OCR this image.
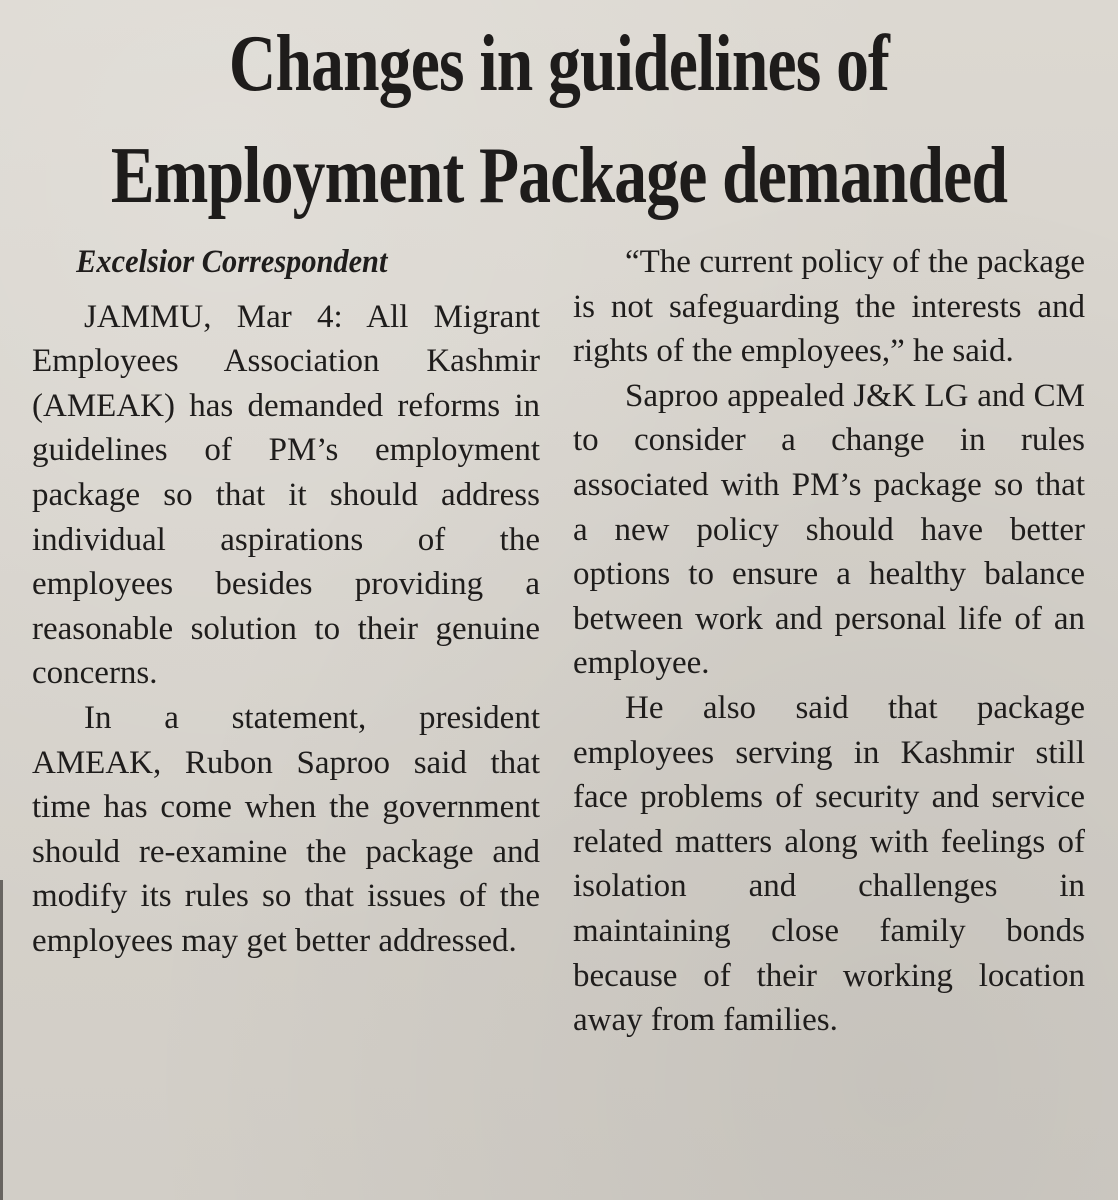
Changes in guidelines of
Employment Package demanded

Excelsior Correspondent

JAMMU, Mar 4: All Migrant Employees Association Kashmir (AMEAK) has demanded reforms in guidelines of PM’s employment package so that it should address individual aspirations of the employees besides providing a reasonable solution to their genuine concerns.

In a statement, president AMEAK, Rubon Saproo said that time has come when the government should re-examine the package and modify its rules so that issues of the employees may get better addressed.

“The current policy of the package is not safeguarding the interests and rights of the employees,” he said.

Saproo appealed J&K LG and CM to consider a change in rules associated with PM’s package so that a new policy should have better options to ensure a healthy balance between work and personal life of an employee.

He also said that package employees serving in Kashmir still face problems of security and service related matters along with feelings of isolation and challenges in maintaining close family bonds because of their working location away from families.
